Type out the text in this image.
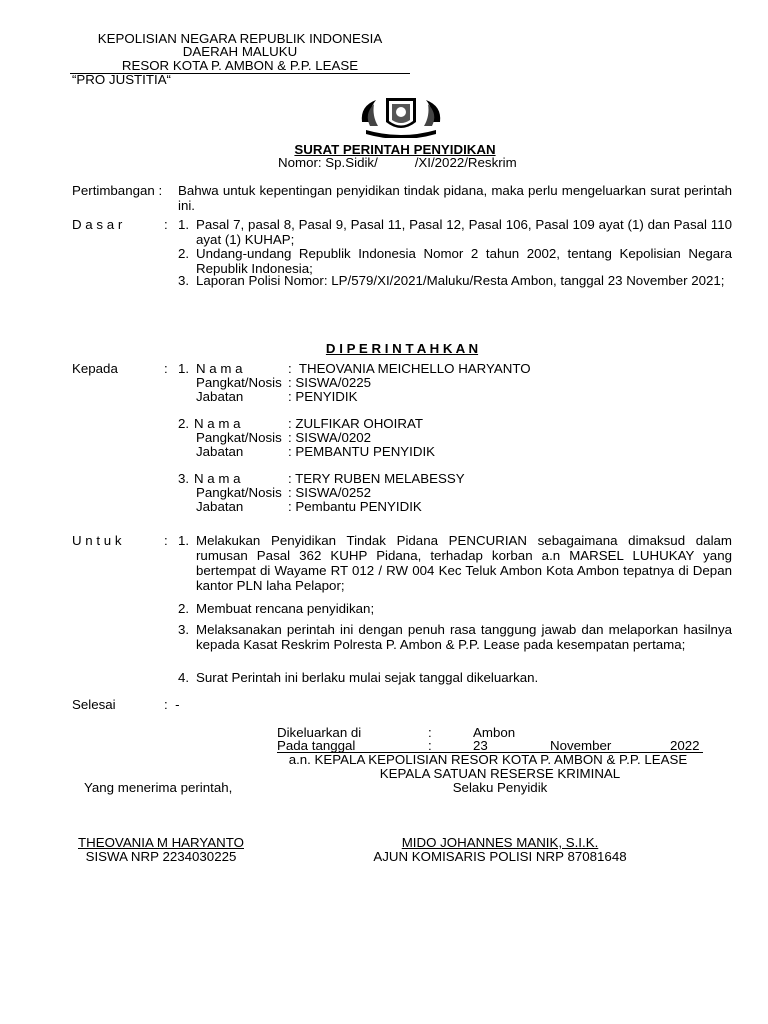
KEPOLISIAN NEGARA REPUBLIK INDONESIA
DAERAH MALUKU
RESOR KOTA P. AMBON & P.P. LEASE
“PRO JUSTITIA“
SURAT PERINTAH PENYIDIKAN
Nomor: Sp.Sidik/          /XI/2022/Reskrim
Pertimbangan : Bahwa untuk kepentingan penyidikan tindak pidana, maka perlu mengeluarkan surat perintah ini.
D a s a r	: 1. Pasal 7, pasal 8, Pasal 9, Pasal 11, Pasal 12, Pasal 106, Pasal 109 ayat (1) dan Pasal 110 ayat (1) KUHAP;
2. Undang-undang Republik Indonesia Nomor 2 tahun 2002, tentang Kepolisian Negara Republik Indonesia;
3. Laporan Polisi Nomor: LP/579/XI/2021/Maluku/Resta Ambon, tanggal 23 November 2021;
D I P E R I N T A H K A N
Kepada	: 1. N a m a	:  THEOVANIA MEICHELLO HARYANTO
Pangkat/Nosis : SISWA/0225
Jabatan	: PENYIDIK
2. N a m a	: ZULFIKAR OHOIRAT
Pangkat/Nosis : SISWA/0202
Jabatan	: PEMBANTU PENYIDIK
3. N a m a	: TERY RUBEN MELABESSY
Pangkat/Nosis : SISWA/0252
Jabatan	: Pembantu PENYIDIK
U n t u k	: 1. Melakukan Penyidikan Tindak Pidana PENCURIAN sebagaimana dimaksud dalam rumusan Pasal 362 KUHP Pidana, terhadap korban a.n MARSEL LUHUKAY yang bertempat di Wayame RT 012 / RW 004 Kec Teluk Ambon Kota Ambon tepatnya di Depan kantor PLN laha Pelapor;
2. Membuat rencana penyidikan;
3. Melaksanakan perintah ini dengan penuh rasa tanggung jawab dan melaporkan hasilnya kepada Kasat Reskrim Polresta P. Ambon & P.P. Lease pada kesempatan pertama;
4. Surat Perintah ini berlaku mulai sejak tanggal dikeluarkan.
Selesai	:  -
Dikeluarkan di	:	Ambon
Pada tanggal	:	23	November	2022
a.n. KEPALA KEPOLISIAN RESOR KOTA P. AMBON & P.P. LEASE
KEPALA SATUAN RESERSE KRIMINAL
Selaku Penyidik
Yang menerima perintah,
THEOVANIA M HARYANTO
SISWA NRP 2234030225
MIDO JOHANNES MANIK, S.I.K.
AJUN KOMISARIS POLISI NRP 87081648
